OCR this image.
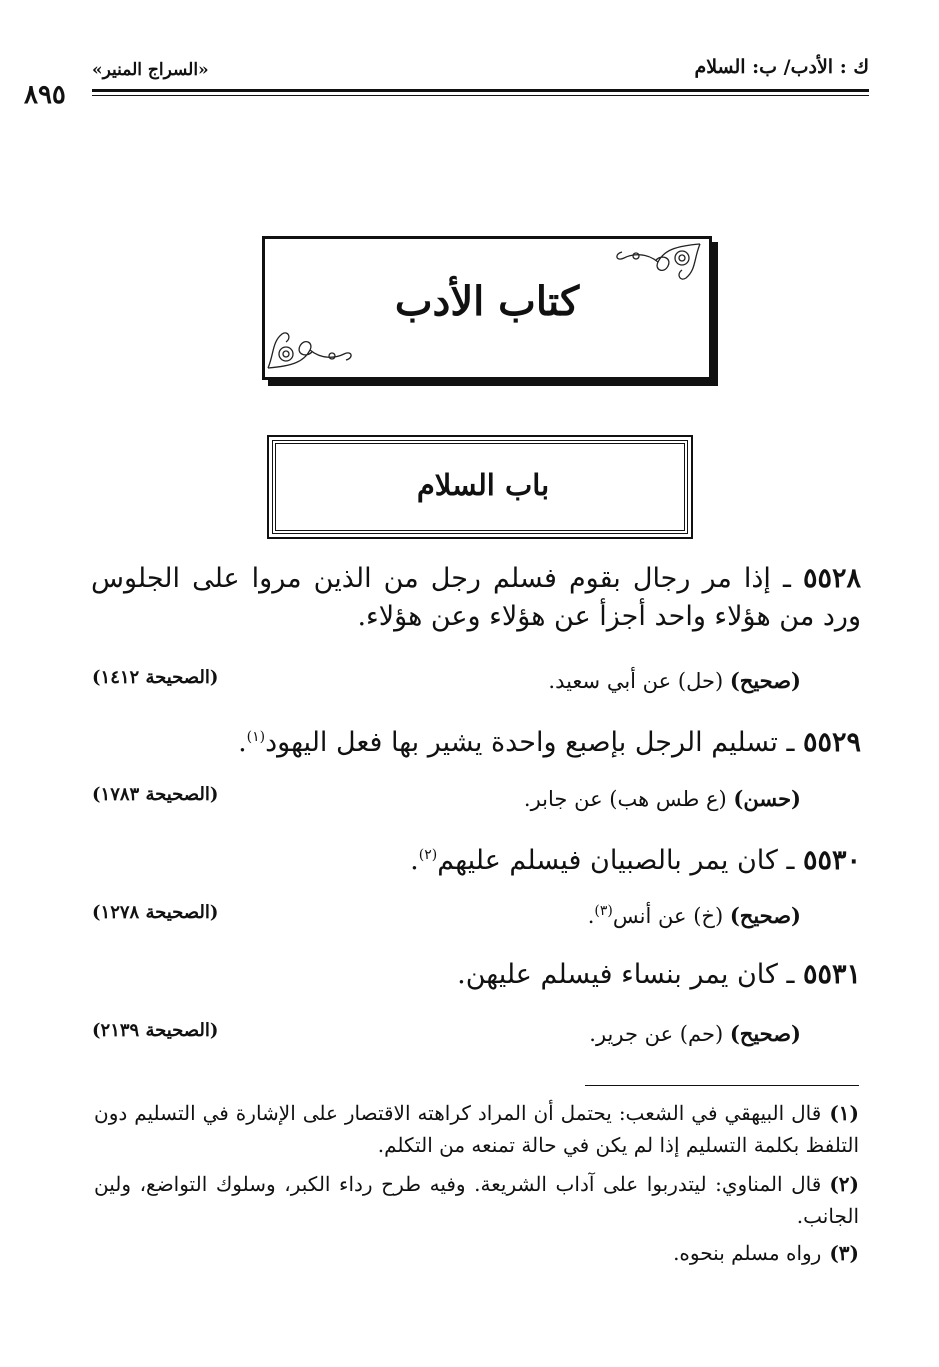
ك : الأدب/ ب: السلام
«السراج المنير»
٨٩٥
كتاب الأدب
باب السلام
٥٥٢٨ ـ إذا مر رجال بقوم فسلم رجل من الذين مروا على الجلوس ورد من هؤلاء واحد أجزأ عن هؤلاء وعن هؤلاء.
(صحيح) (حل) عن أبي سعيد.
(الصحيحة ١٤١٢)
٥٥٢٩ ـ تسليم الرجل بإصبع واحدة يشير بها فعل اليهود$^{(١)}$.
(حسن) (ع طس هب) عن جابر.
(الصحيحة ١٧٨٣)
٥٥٣٠ ـ كان يمر بالصبيان فيسلم عليهم$^{(٢)}$.
(صحيح) (خ) عن أنس$^{(٣)}$.
(الصحيحة ١٢٧٨)
٥٥٣١ ـ كان يمر بنساء فيسلم عليهن.
(صحيح) (حم) عن جرير.
(الصحيحة ٢١٣٩)
(١)قال البيهقي في الشعب: يحتمل أن المراد كراهته الاقتصار على الإشارة في التسليم دون التلفظ بكلمة التسليم إذا لم يكن في حالة تمنعه من التكلم.
(٢)قال المناوي: ليتدربوا على آداب الشريعة. وفيه طرح رداء الكبر، وسلوك التواضع، ولين الجانب.
(٣)رواه مسلم بنحوه.
